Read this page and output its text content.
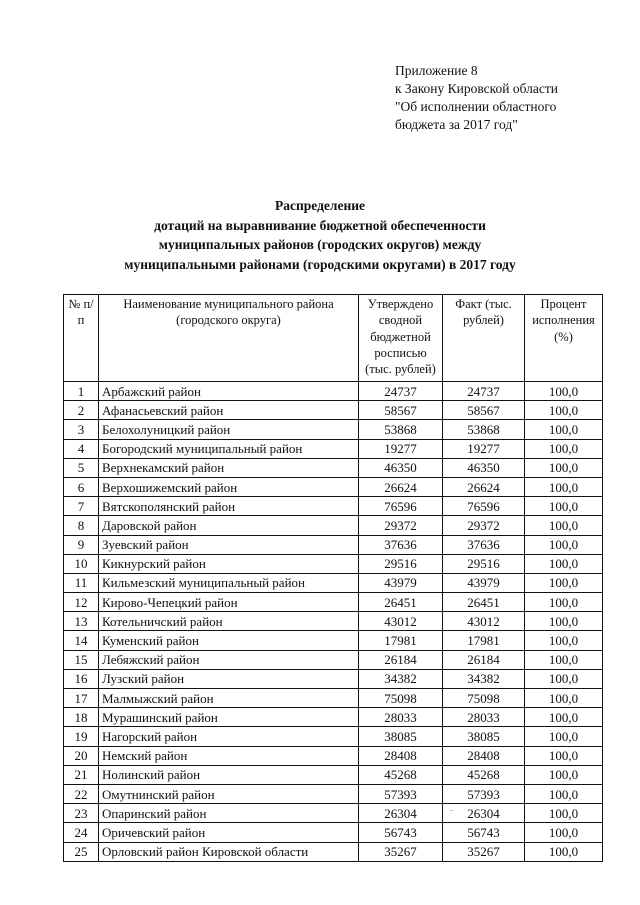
Приложение 8
к Закону Кировской области
"Об исполнении областного
бюджета за 2017 год"
Распределение
дотаций на выравнивание бюджетной обеспеченности
муниципальных районов (городских округов) между
муниципальными районами (городскими округами) в 2017 году
№ п/п	Наименование муниципального района (городского округа)	Утверждено сводной бюджетной росписью (тыс. рублей)	Факт (тыс. рублей)	Процент исполнения (%)
1	Арбажский район	24737	24737	100,0
2	Афанасьевский район	58567	58567	100,0
3	Белохолуницкий район	53868	53868	100,0
4	Богородский муниципальный район	19277	19277	100,0
5	Верхнекамский район	46350	46350	100,0
6	Верхошижемский район	26624	26624	100,0
7	Вятскополянский район	76596	76596	100,0
8	Даровской район	29372	29372	100,0
9	Зуевский район	37636	37636	100,0
10	Кикнурский район	29516	29516	100,0
11	Кильмезский муниципальный район	43979	43979	100,0
12	Кирово-Чепецкий район	26451	26451	100,0
13	Котельничский район	43012	43012	100,0
14	Куменский район	17981	17981	100,0
15	Лебяжский район	26184	26184	100,0
16	Лузский район	34382	34382	100,0
17	Малмыжский район	75098	75098	100,0
18	Мурашинский район	28033	28033	100,0
19	Нагорский район	38085	38085	100,0
20	Немский район	28408	28408	100,0
21	Нолинский район	45268	45268	100,0
22	Омутнинский район	57393	57393	100,0
23	Опаринский район	26304	26304	100,0
24	Оричевский район	56743	56743	100,0
25	Орловский район Кировской области	35267	35267	100,0
